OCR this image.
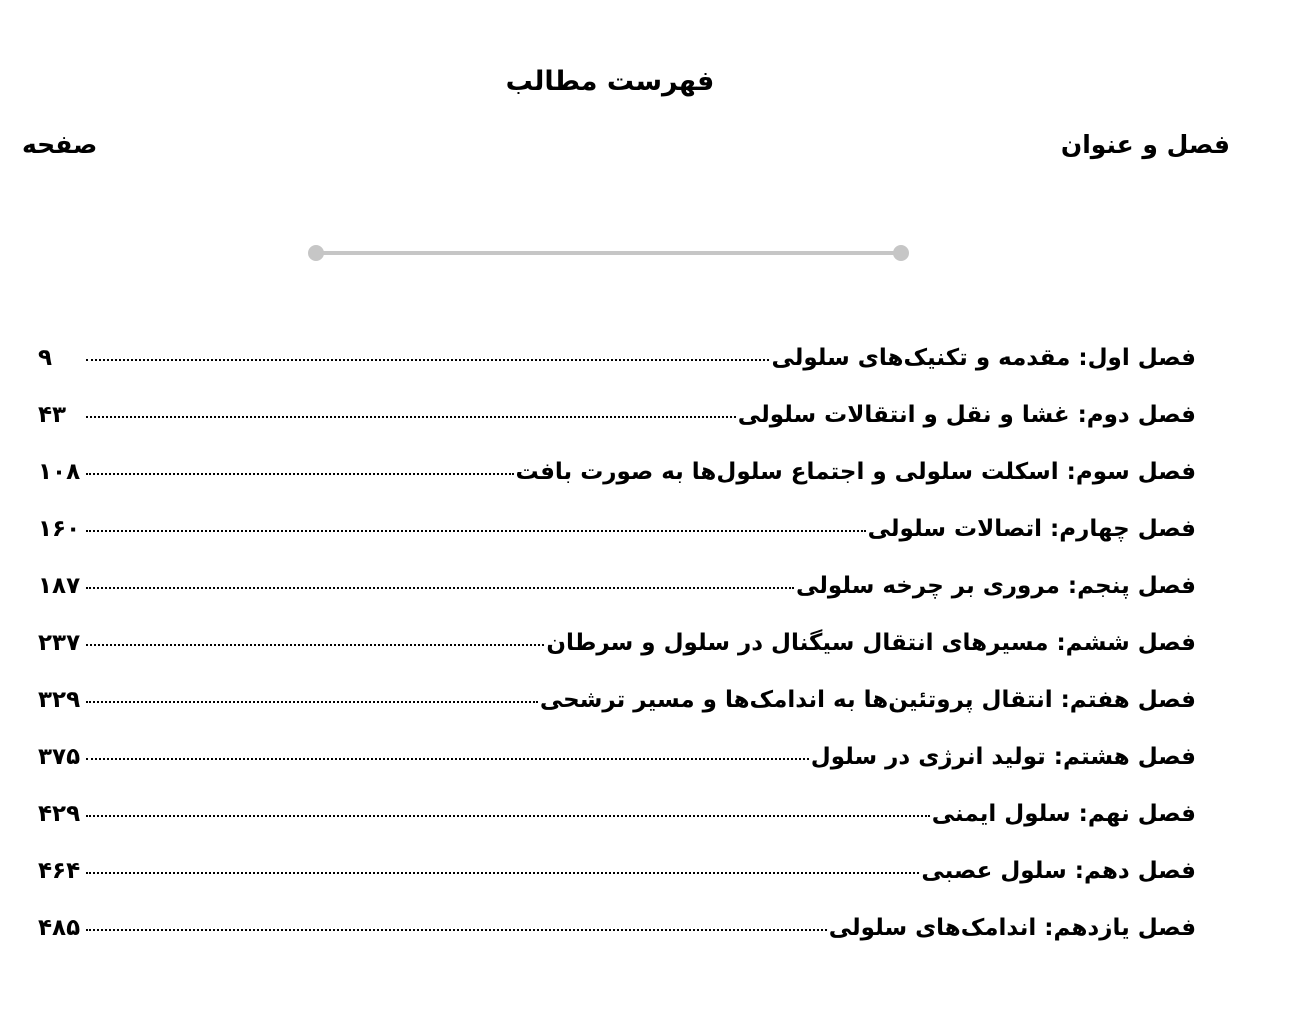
فهرست مطالب
فصل و عنوان
صفحه
فصل اول: مقدمه و تکنیک‌های سلولی
۹
فصل دوم: غشا و نقل و انتقالات سلولی
۴۳
فصل سوم: اسکلت سلولی و اجتماع سلول‌ها به صورت بافت
۱۰۸
فصل چهارم: اتصالات سلولی
۱۶۰
فصل پنجم: مروری بر چرخه سلولی
۱۸۷
فصل ششم: مسیرهای انتقال سیگنال در سلول و سرطان
۲۳۷
فصل هفتم: انتقال پروتئین‌ها به اندامک‌ها و مسیر ترشحی
۳۲۹
فصل هشتم: تولید انرژی در سلول
۳۷۵
فصل نهم: سلول ایمنی
۴۲۹
فصل دهم: سلول عصبی
۴۶۴
فصل یازدهم: اندامک‌های سلولی
۴۸۵
